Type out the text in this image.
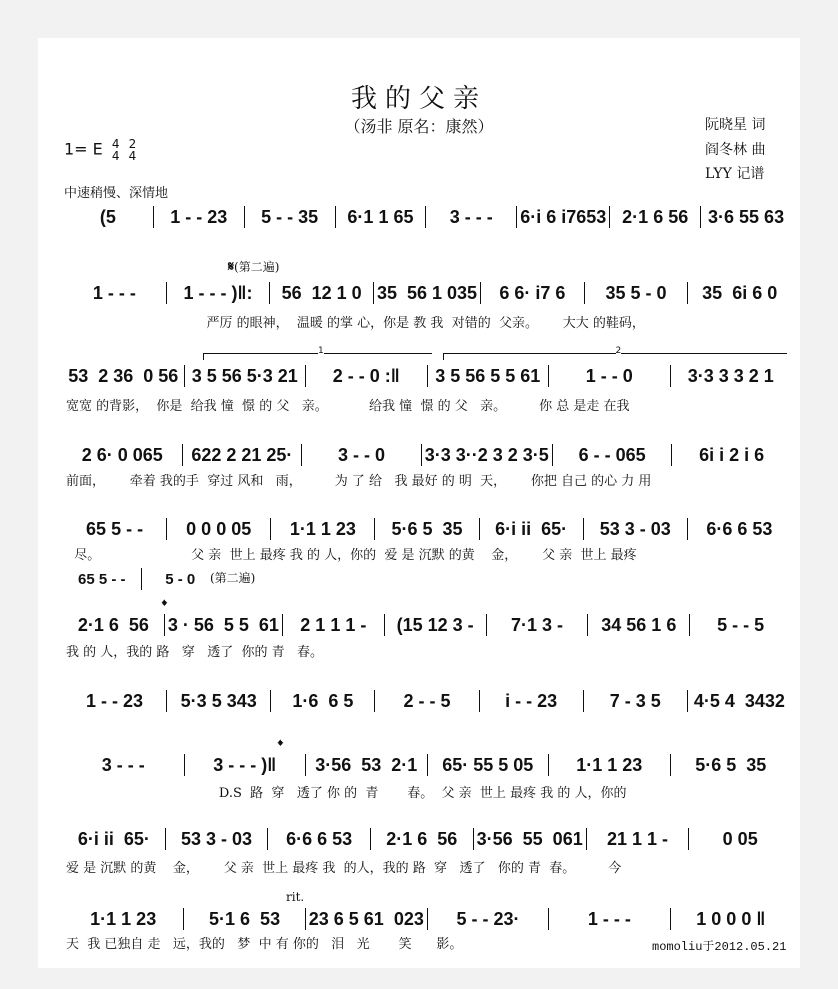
我的父亲
（汤非 原名：康然）	阮晓星 词
阎冬林 曲
LYY 记谱
1= E 4
4

2
4
中速稍慢、深情地
𝄋(第二遍)
1	2
(第二遍)
𝄌
𝄌
rit.
(5	1 - - 23	5 - - 35	6·1 1 65	3 - - -	6·i 6 i7653 2·1 6 56	3·6 55 63
1 - - -	1 - - - )‖:	56  12 1 0 35  56 1 035	6 6· i7 6	35 5 - 0	35  6i 6 0
严厉 的眼神，  温暖 的掌 心，你是 教 我  对错的  父亲。      大大 的鞋码，
53  2 36  0 56 3 5 56 5·3 21	2 - - 0 :‖	3 5 56 5 5 61	1 - - 0	3·3 3 3 2 1
宽宽 的背影，  你是  给我 憧  憬 的 父   亲。          给我 憧  憬 的 父   亲。        你 总 是走 在我
2 6· 0 065	622 2 21 25·	3 - - 0	3·3 3··2 3 2 3·5	6 - - 065	6i i 2 i 6
前面，      牵着 我的手  穿过 风和   雨，        为 了 给   我 最好 的 明  天，      你把 自己 的心 力 用
65 5 - -	0 0 0 05	1·1 1 23	5·6 5  35	6·i ii  65·	53 3 - 03	6·6 6 53
尽。                      父 亲  世上 最疼 我 的 人，你的  爱 是 沉默 的黄    金，      父 亲  世上 最疼
65 5 - -	5 - 0
2·1 6  56	3 · 56  5 5  61	2 1 1 1 -	(15 12 3 -	7·1 3 -	34 56 1 6	5 - - 5
我 的 人，我的 路   穿   透了  你的 青   春。
1 - - 23	5·3 5 343	1·6  6 5	2 - - 5	i - - 23	7 - 3 5	4·5 4  3432
3 - - -	3 - - - )‖	3·56  53  2·1	65· 55 5 05	1·1 1 23	5·6 5  35
D.S  路  穿   透了 你 的  青       春。  父 亲  世上 最疼 我 的 人，你的
6·i ii  65·	53 3 - 03	6·6 6 53	2·1 6  56	3·56  55  061	21 1 1 -	0 05
爱 是 沉默 的黄    金，      父 亲  世上 最疼 我  的人，我的 路  穿   透了   你的 青  春。        今
1·1 1 23	5·1 6  53	23 6 5 61  023	5 - - 23·	1 - - -	1 0 0 0 ‖
天  我 已独自 走   远，我的   梦  中 有 你的   泪   光       笑      影。	momoliu于2012.05.21
